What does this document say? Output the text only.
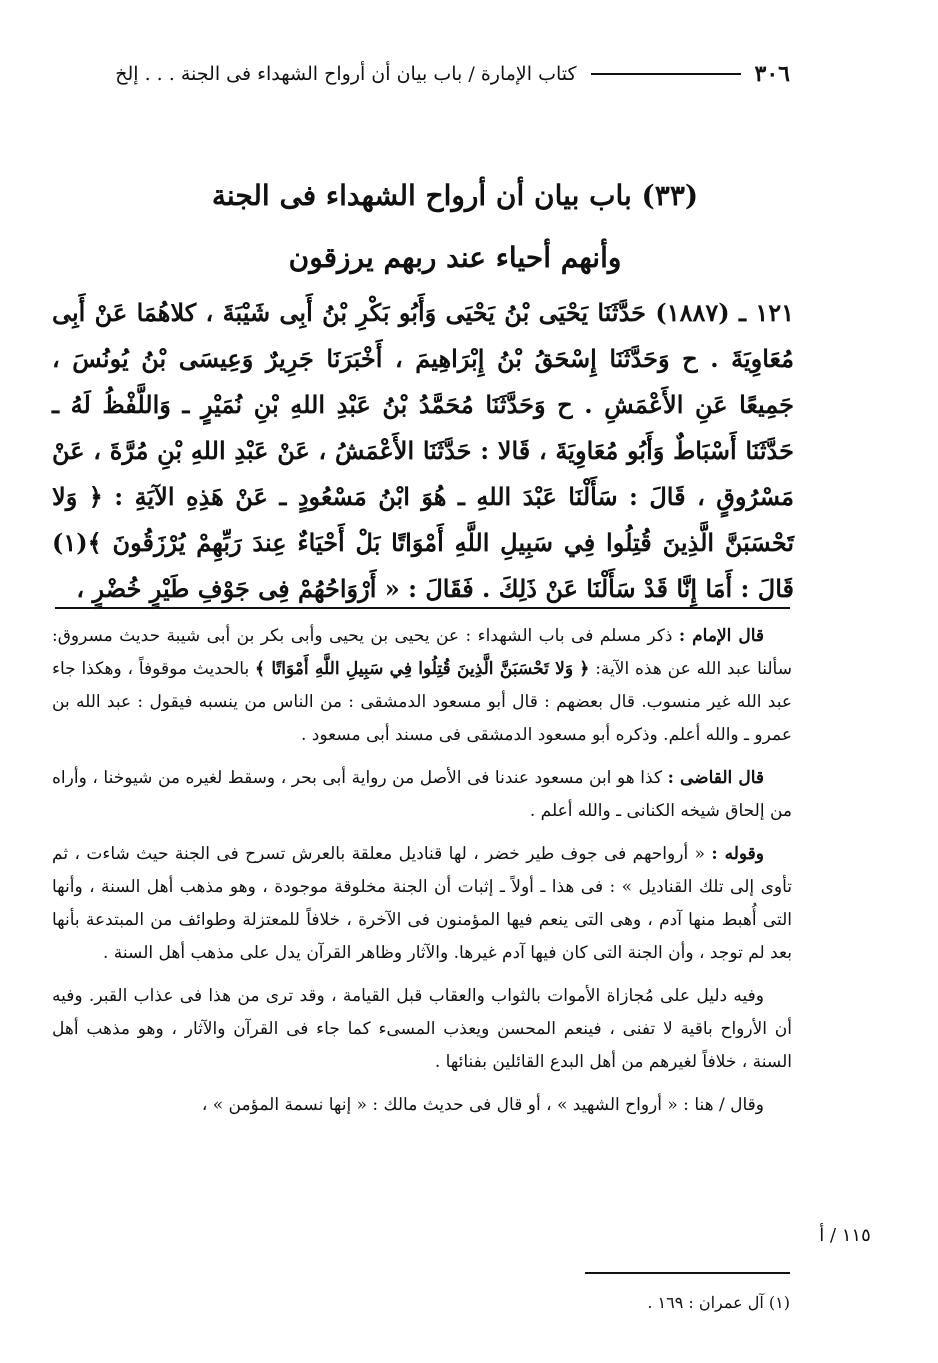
٣٠٦
كتاب الإمارة / باب بيان أن أرواح الشهداء فى الجنة . . . إلخ
(٣٣) باب بيان أن أرواح الشهداء فى الجنة
وأنهم أحياء عند ربهم يرزقون
١٢١ ـ (١٨٨٧) حَدَّثَنَا يَحْيَى بْنُ يَحْيَى وَأَبُو بَكْرِ بْنُ أَبِى شَيْبَةَ ، كلاهُمَا عَنْ أَبِى مُعَاوِيَةَ . ح وَحَدَّثَنَا إِسْحَقُ بْنُ إِبْرَاهِيمَ ، أَخْبَرَنَا جَرِيرٌ وَعِيسَى بْنُ يُونُسَ ، جَمِيعًا عَنِ الأَعْمَشِ . ح وَحَدَّثَنَا مُحَمَّدُ بْنُ عَبْدِ اللهِ بْنِ نُمَيْرٍ ـ وَاللَّفْظُ لَهُ ـ حَدَّثَنَا أَسْبَاطٌ وَأَبُو مُعَاوِيَةَ ، قَالا : حَدَّثَنَا الأَعْمَشُ ، عَنْ عَبْدِ اللهِ بْنِ مُرَّةَ ، عَنْ مَسْرُوقٍ ، قَالَ : سَأَلْنَا عَبْدَ اللهِ ـ هُوَ ابْنُ مَسْعُودٍ ـ عَنْ هَذِهِ الآيَةِ : ﴿ وَلا تَحْسَبَنَّ الَّذِينَ قُتِلُوا فِي سَبِيلِ اللَّهِ أَمْوَاتًا بَلْ أَحْيَاءٌ عِندَ رَبِّهِمْ يُرْزَقُونَ ﴾(١) قَالَ : أَمَا إِنَّا قَدْ سَأَلْنَا عَنْ ذَلِكَ . فَقَالَ : « أَرْوَاحُهُمْ فِى جَوْفِ طَيْرٍ خُضْرٍ ،

قال الإمام : ذكر مسلم فى باب الشهداء : عن يحيى بن يحيى وأبى بكر بن أبى شيبة حديث مسروق: سألنا عبد الله عن هذه الآية: ﴿ وَلا تَحْسَبَنَّ الَّذِينَ قُتِلُوا فِي سَبِيلِ اللَّهِ أَمْوَاتًا ﴾ بالحديث موقوفاً ، وهكذا جاء عبد الله غير منسوب. قال بعضهم : قال أبو مسعود الدمشقى : من الناس من ينسبه فيقول : عبد الله بن عمرو ـ والله أعلم. وذكره أبو مسعود الدمشقى فى مسند أبى مسعود .

قال القاضى : كذا هو ابن مسعود عندنا فى الأصل من رواية أبى بحر ، وسقط لغيره من شيوخنا ، وأراه من إلحاق شيخه الكنانى ـ والله أعلم .

وقوله : « أرواحهم فى جوف طير خضر ، لها قناديل معلقة بالعرش تسرح فى الجنة حيث شاءت ، ثم تأوى إلى تلك القناديل » : فى هذا ـ أولاً ـ إثبات أن الجنة مخلوقة موجودة ، وهو مذهب أهل السنة ، وأنها التى أُهبط منها آدم ، وهى التى ينعم فيها المؤمنون فى الآخرة ، خلافاً للمعتزلة وطوائف من المبتدعة بأنها بعد لم توجد ، وأن الجنة التى كان فيها آدم غيرها. والآثار وظاهر القرآن يدل على مذهب أهل السنة .

وفيه دليل على مُجازاة الأموات بالثواب والعقاب قبل القيامة ، وقد ترى من هذا فى عذاب القبر. وفيه أن الأرواح باقية لا تفنى ، فينعم المحسن ويعذب المسىء كما جاء فى القرآن والآثار ، وهو مذهب أهل السنة ، خلافاً لغيرهم من أهل البدع القائلين بفنائها .

وقال / هنا : « أرواح الشهيد » ، أو قال فى حديث مالك : « إنها نسمة المؤمن » ،

١١٥ / أ
(١) آل عمران : ١٦٩ .
